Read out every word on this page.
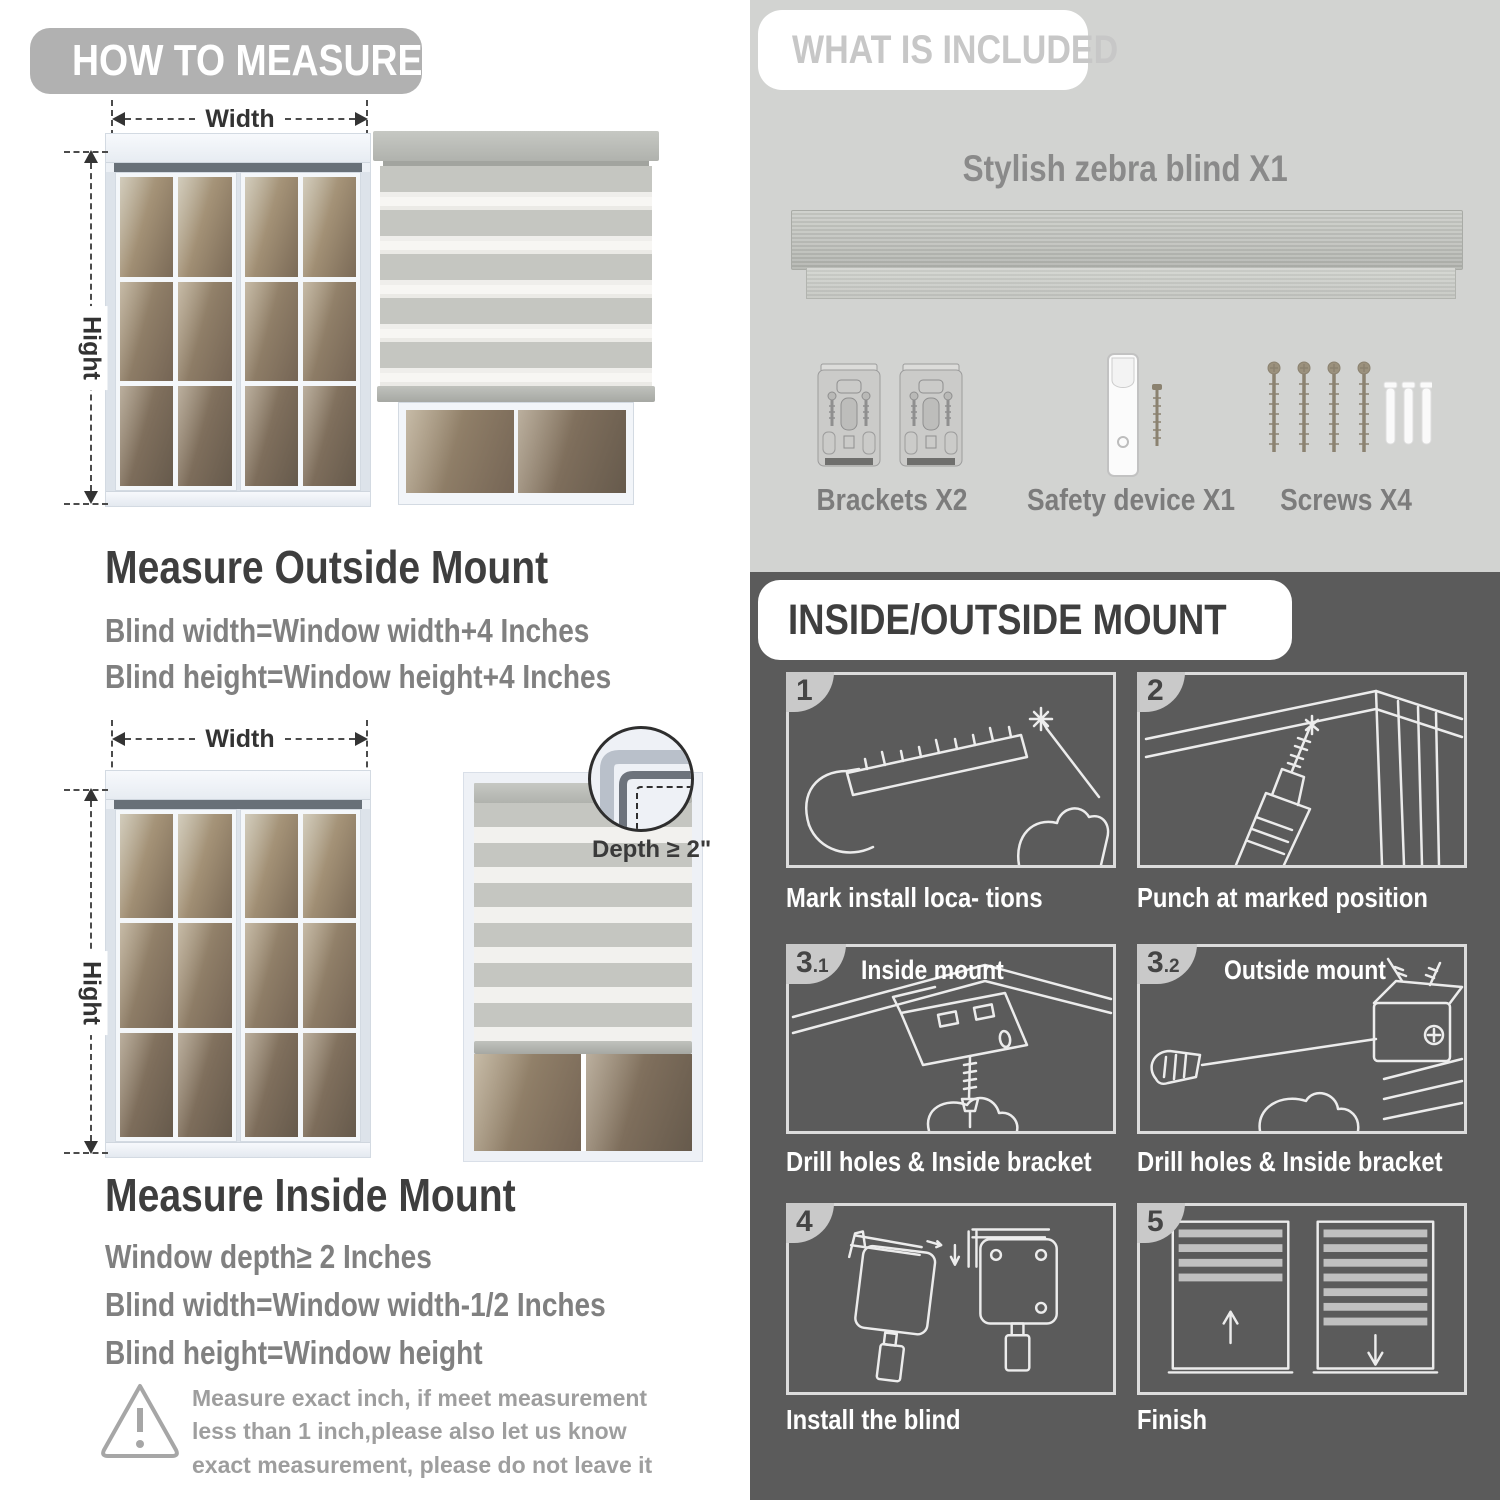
HOW TO MEASURE
Width
Hight
Measure Outside Mount
Blind width=Window width+4 Inches
Blind height=Window height+4 Inches
Width
Hight
Depth ≥ 2"
Measure Inside Mount
Window depth≥ 2 Inches
Blind width=Window width-1/2 Inches
Blind height=Window height
Measure exact inch, if meet measurement less than 1 inch,please also let us know exact measurement, please do not leave it
WHAT IS INCLUDED
Stylish zebra blind X1
Brackets X2	Safety device X1	Screws X4
INSIDE/OUTSIDE MOUNT
1
Mark install loca- tions
2
Punch at marked position
3.1	Inside mount
Drill holes & Inside bracket
3.2	Outside mount
Drill holes & Inside bracket
4
Install the blind
5
Finish
